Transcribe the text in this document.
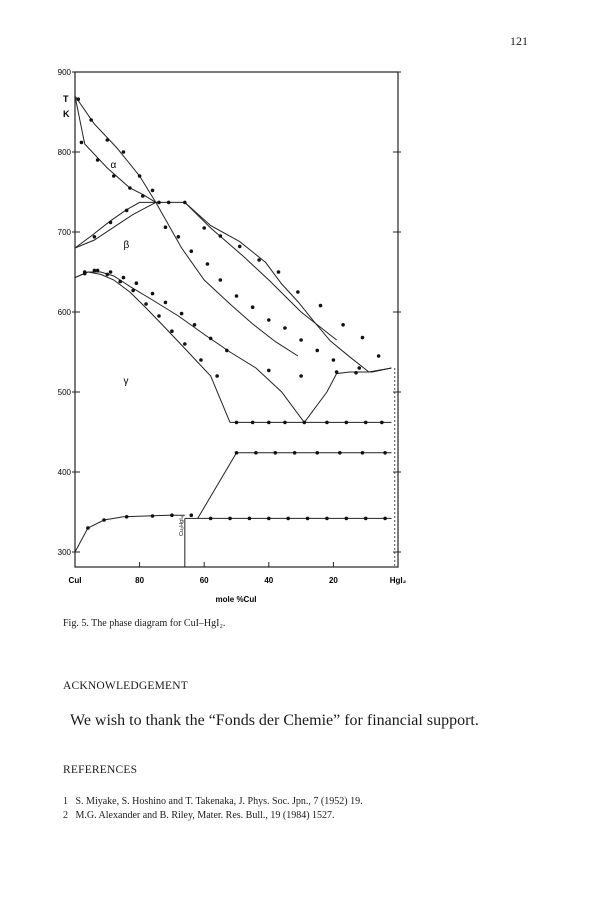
121
900
800
700
600
500
400
300
CuI	80	60	40	20	HgI₂
T
K
mole %CuI
α
β
γ
Cu₂HgI₄
Fig. 5. The phase diagram for CuI–HgI₂.
ACKNOWLEDGEMENT
We wish to thank the “Fonds der Chemie” for financial support.
REFERENCES
1 S. Miyake, S. Hoshino and T. Takenaka, J. Phys. Soc. Jpn., 7 (1952) 19.
2 M.G. Alexander and B. Riley, Mater. Res. Bull., 19 (1984) 1527.
